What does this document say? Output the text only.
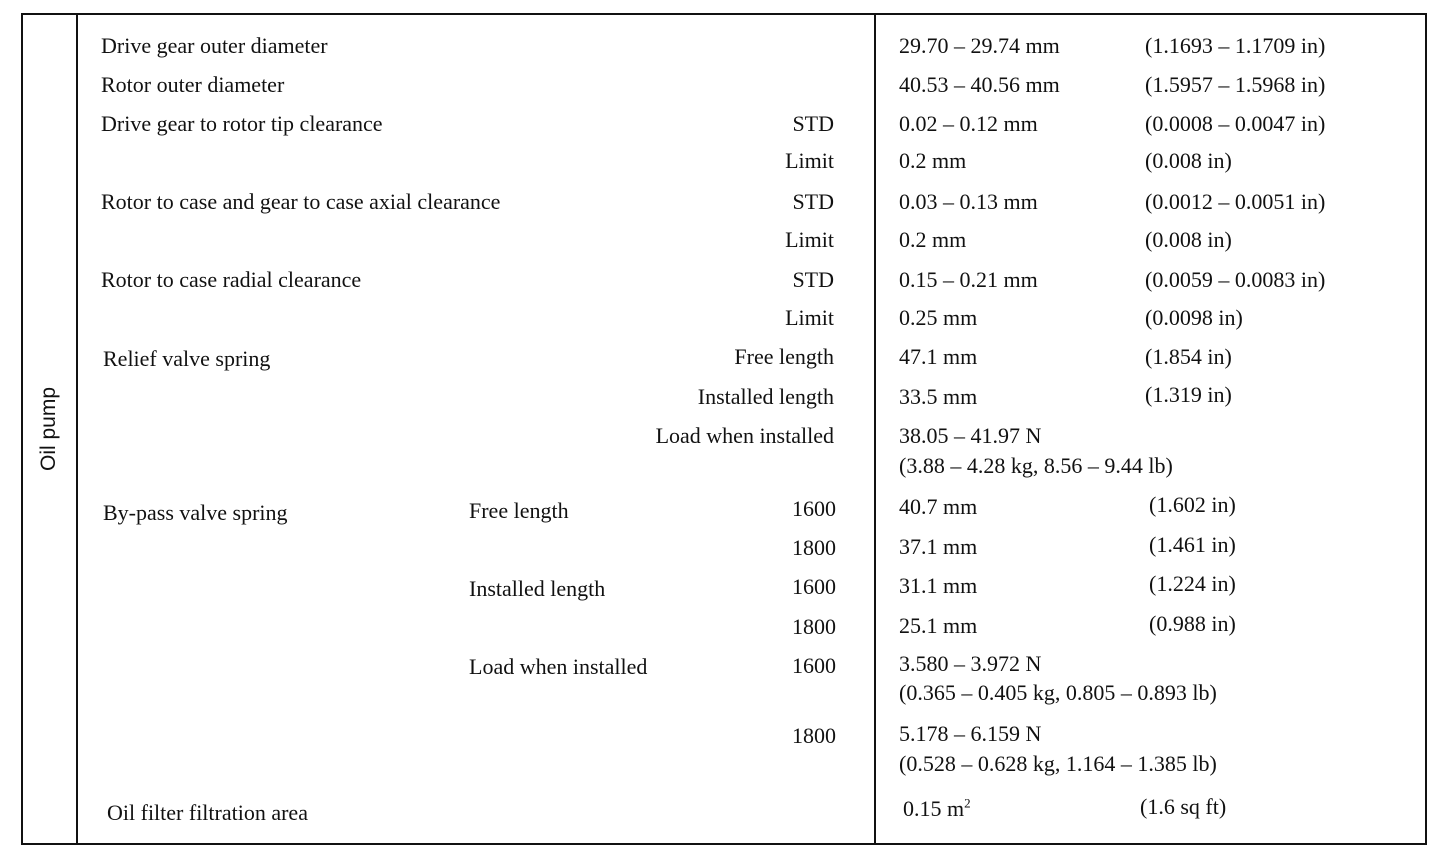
Oil pump
Drive gear outer diameter	29.70 – 29.74 mm	(1.1693 – 1.1709 in)
Rotor outer diameter	40.53 – 40.56 mm	(1.5957 – 1.5968 in)
Drive gear to rotor tip clearance	STD	0.02 – 0.12 mm	(0.0008 – 0.0047 in)
Limit	0.2 mm	(0.008 in)
Rotor to case and gear to case axial clearance	STD	0.03 – 0.13 mm	(0.0012 – 0.0051 in)
Limit	0.2 mm	(0.008 in)
Rotor to case radial clearance	STD	0.15 – 0.21 mm	(0.0059 – 0.0083 in)
Limit	0.25 mm	(0.0098 in)
Relief valve spring	Free length	47.1 mm	(1.854 in)
Installed length	33.5 mm	(1.319 in)
Load when installed	38.05 – 41.97 N
(3.88 – 4.28 kg, 8.56 – 9.44 lb)
By-pass valve spring	Free length	1600	40.7 mm	(1.602 in)
1800	37.1 mm	(1.461 in)
Installed length	1600	31.1 mm	(1.224 in)
1800	25.1 mm	(0.988 in)
Load when installed	1600	3.580 – 3.972 N
(0.365 – 0.405 kg, 0.805 – 0.893 lb)
1800	5.178 – 6.159 N
(0.528 – 0.628 kg, 1.164 – 1.385 lb)
Oil filter filtration area	0.15 $m^2$	(1.6 sq ft)
